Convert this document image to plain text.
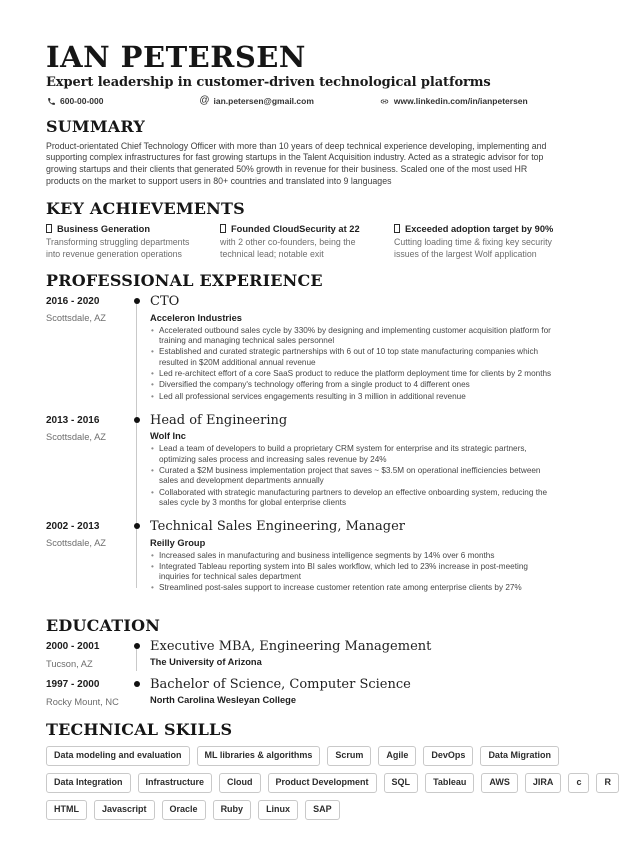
IAN PETERSEN
Expert leadership in customer-driven technological platforms
600-00-000	@ ian.petersen@gmail.com	www.linkedin.com/in/ianpetersen
SUMMARY

Product-orientated Chief Technology Officer with more than 10 years of deep technical experience developing, implementing and supporting complex infrastructures for fast growing startups in the Talent Acquisition industry. Acted as a strategic advisor for top growing startups and their clients that generated 50% growth in revenue for their business. Scaled one of the most used HR products on the market to support users in 80+ countries and translated into 9 languages

KEY ACHIEVEMENTS
Business Generation
Transforming struggling departments into revenue generation operations
Founded CloudSecurity at 22
with 2 other co-founders, being the technical lead; notable exit
Exceeded adoption target by 90%
Cutting loading time & fixing key security issues of the largest Wolf application
PROFESSIONAL EXPERIENCE
2016 - 2020
Scottsdale, AZ
CTO
Acceleron Industries
• Accelerated outbound sales cycle by 330% by designing and implementing customer acquisition platform for training and managing technical sales personnel
• Established and curated strategic partnerships with 6 out of 10 top state manufacturing companies which resulted in $20M additional annual revenue
• Led re-architect effort of a core SaaS product to reduce the platform deployment time for clients by 2 months
• Diversified the company's technology offering from a single product to 4 different ones
• Led all professional services engagements resulting in 3 million in additional revenue
2013 - 2016
Scottsdale, AZ
Head of Engineering
Wolf Inc
• Lead a team of developers to build a proprietary CRM system for enterprise and its strategic partners, optimizing sales process and increasing sales revenue by 24%
• Curated a $2M business implementation project that saves ~ $3.5M on operational inefficiencies between sales and development departments annually
• Collaborated with strategic manufacturing partners to develop an effective onboarding system, reducing the sales cycle by 3 months for global enterprise clients
2002 - 2013
Scottsdale, AZ
Technical Sales Engineering, Manager
Reilly Group
• Increased sales in manufacturing and business intelligence segments by 14% over 6 months
• Integrated Tableau reporting system into BI sales workflow, which led to 23% increase in post-meeting inquiries for technical sales department
• Streamlined post-sales support to increase customer retention rate among enterprise clients by 27%
EDUCATION
2000 - 2001
Tucson, AZ
Executive MBA, Engineering Management
The University of Arizona
1997 - 2000
Rocky Mount, NC
Bachelor of Science, Computer Science
North Carolina Wesleyan College
TECHNICAL SKILLS
Data modeling and evaluation	ML libraries & algorithms	Scrum	Agile	DevOps	Data Migration
Data Integration	Infrastructure	Cloud	Product Development	SQL	Tableau	AWS	JIRA	c	R
HTML	Javascript	Oracle	Ruby	Linux	SAP
